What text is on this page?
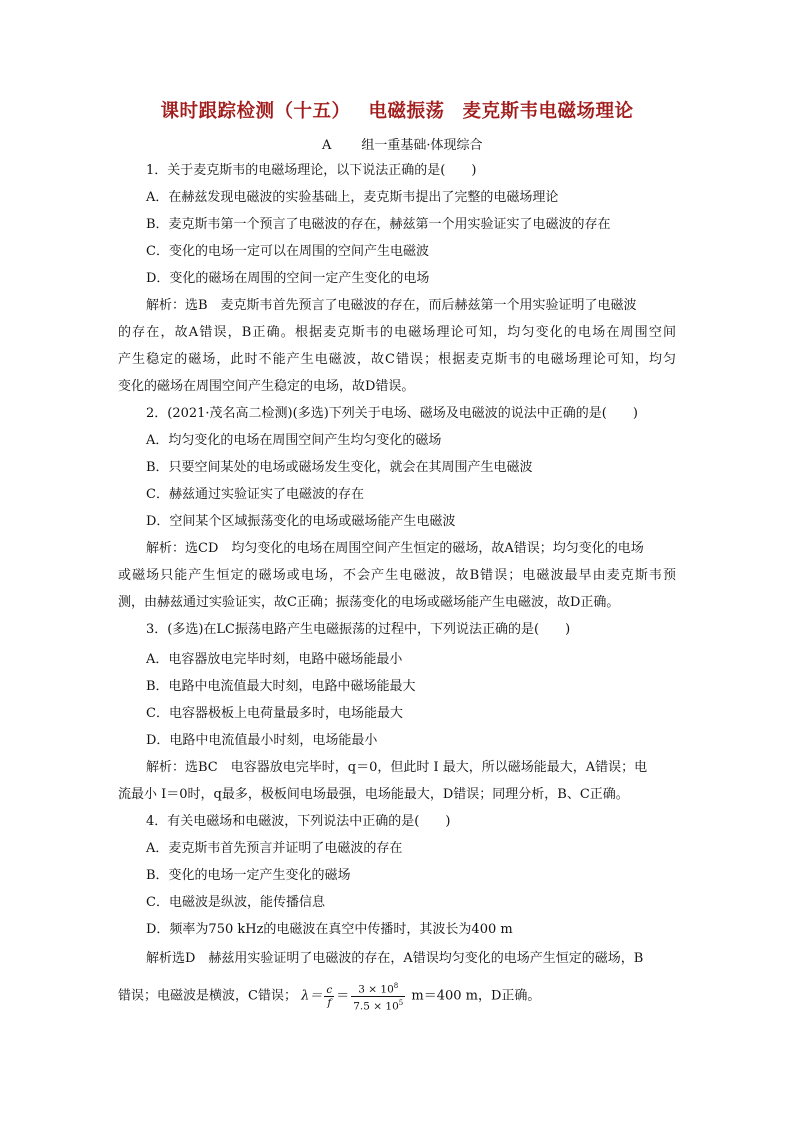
课时跟踪检测（十五） 电磁振荡 麦克斯韦电磁场理论
A 组一重基础·体现综合
1．关于麦克斯韦的电磁场理论，以下说法正确的是(　　)
A．在赫兹发现电磁波的实验基础上，麦克斯韦提出了完整的电磁场理论
B．麦克斯韦第一个预言了电磁波的存在，赫兹第一个用实验证实了电磁波的存在
C．变化的电场一定可以在周围的空间产生电磁波
D．变化的磁场在周围的空间一定产生变化的电场
解析：选B　麦克斯韦首先预言了电磁波的存在，而后赫兹第一个用实验证明了电磁波
的存在，故A错误，B正确。根据麦克斯韦的电磁场理论可知，均匀变化的电场在周围空间
产生稳定的磁场，此时不能产生电磁波，故C错误；根据麦克斯韦的电磁场理论可知，均匀
变化的磁场在周围空间产生稳定的电场，故D错误。
2．(2021·茂名高二检测)(多选)下列关于电场、磁场及电磁波的说法中正确的是(　　)
A．均匀变化的电场在周围空间产生均匀变化的磁场
B．只要空间某处的电场或磁场发生变化，就会在其周围产生电磁波
C．赫兹通过实验证实了电磁波的存在
D．空间某个区域振荡变化的电场或磁场能产生电磁波
解析：选CD　均匀变化的电场在周围空间产生恒定的磁场，故A错误；均匀变化的电场
或磁场只能产生恒定的磁场或电场，不会产生电磁波，故B错误；电磁波最早由麦克斯韦预
测，由赫兹通过实验证实，故C正确；振荡变化的电场或磁场能产生电磁波，故D正确。
3．(多选)在LC振荡电路产生电磁振荡的过程中，下列说法正确的是(　　)
A．电容器放电完毕时刻，电路中磁场能最小
B．电路中电流值最大时刻，电路中磁场能最大
C．电容器极板上电荷量最多时，电场能最大
D．电路中电流值最小时刻，电场能最小
解析：选BC　电容器放电完毕时，q＝0，但此时 I 最大，所以磁场能最大，A错误；电
流最小 I＝0时，q最多，极板间电场最强，电场能最大，D错误；同理分析，B、C正确。
4．有关电磁场和电磁波，下列说法中正确的是(　　)
A．麦克斯韦首先预言并证明了电磁波的存在
B．变化的电场一定产生变化的磁场
C．电磁波是纵波，能传播信息
D．频率为750 kHz的电磁波在真空中传播时，其波长为400 m
解析选D　赫兹用实验证明了电磁波的存在，A错误均匀变化的电场产生恒定的磁场，B
错误；电磁波是横波，C错误； $\lambda= \frac{c}{f} = \frac{3 \times 10^8}{7.5 \times 10^5} m=400$ m，D正确。
